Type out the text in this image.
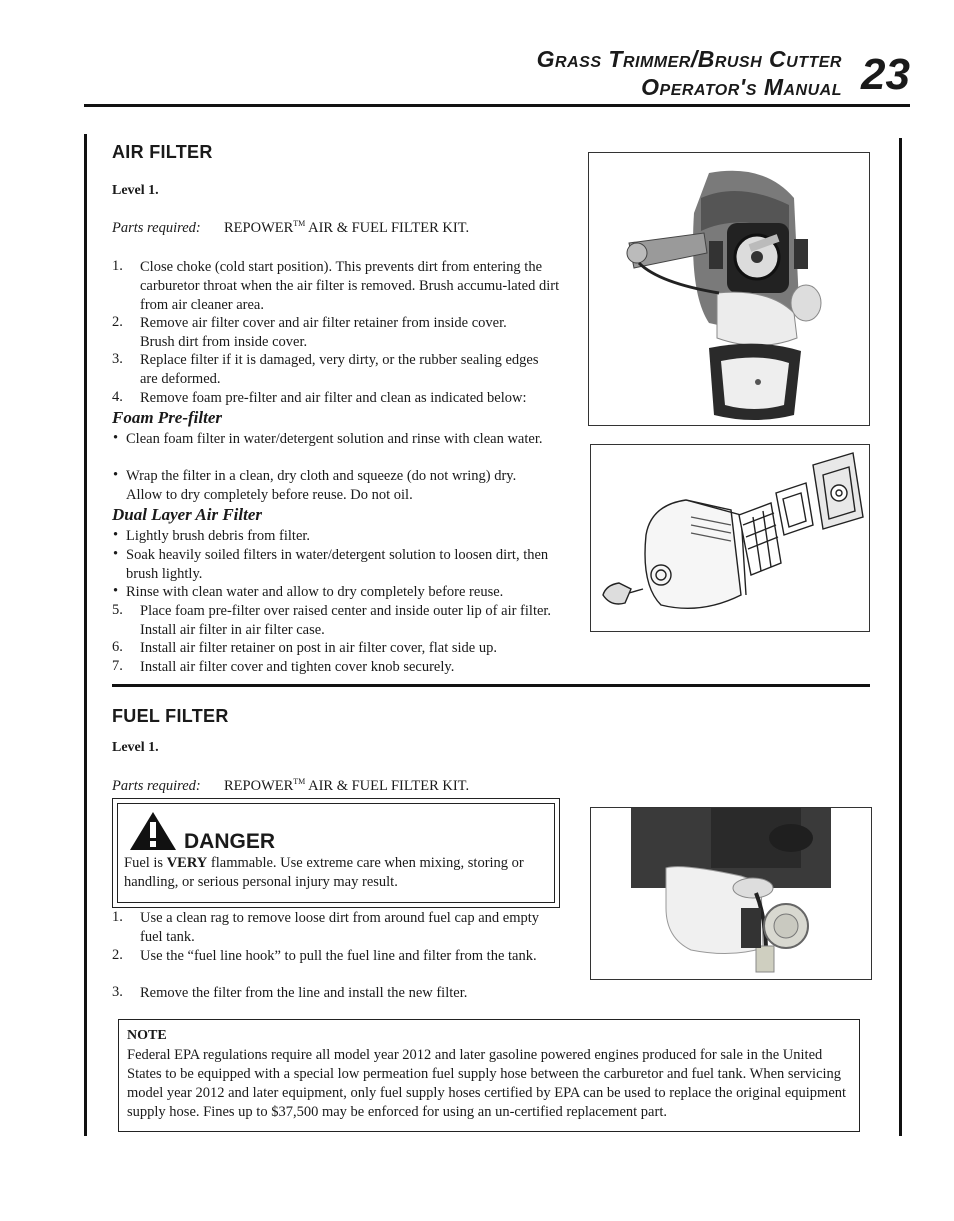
Grass Trimmer/Brush Cutter
Operator's Manual 23
AIR FILTER
Level 1.
Parts required: REPOWER™ AIR & FUEL FILTER KIT.
1. Close choke (cold start position). This prevents dirt from entering the carburetor throat when the air filter is removed. Brush accumu-lated dirt from air cleaner area.
2. Remove air filter cover and air filter retainer from inside cover. Brush dirt from inside cover.
3. Replace filter if it is damaged, very dirty, or the rubber sealing edges are deformed.
4. Remove foam pre-filter and air filter and clean as indicated below:
Foam Pre-filter
• Clean foam filter in water/detergent solution and rinse with clean water.
• Wrap the filter in a clean, dry cloth and squeeze (do not wring) dry. Allow to dry completely before reuse. Do not oil.
Dual Layer Air Filter
• Lightly brush debris from filter.
• Soak heavily soiled filters in water/detergent solution to loosen dirt, then brush lightly.
• Rinse with clean water and allow to dry completely before reuse.
5. Place foam pre-filter over raised center and inside outer lip of air filter. Install air filter in air filter case.
6. Install air filter retainer on post in air filter cover, flat side up.
7. Install air filter cover and tighten cover knob securely.
FUEL FILTER
Level 1.
Parts required: REPOWER™ AIR & FUEL FILTER KIT.
DANGER
Fuel is VERY flammable. Use extreme care when mixing, storing or handling, or serious personal injury may result.
1. Use a clean rag to remove loose dirt from around fuel cap and empty fuel tank.
2. Use the “fuel line hook” to pull the fuel line and filter from the tank.
3. Remove the filter from the line and install the new filter.
NOTE
Federal EPA regulations require all model year 2012 and later gasoline powered engines produced for sale in the United States to be equipped with a special low permeation fuel supply hose between the carburetor and fuel tank. When servicing model year 2012 and later equipment, only fuel supply hoses certified by EPA can be used to replace the original equipment supply hose. Fines up to $37,500 may be enforced for using an un-certified replacement part.
